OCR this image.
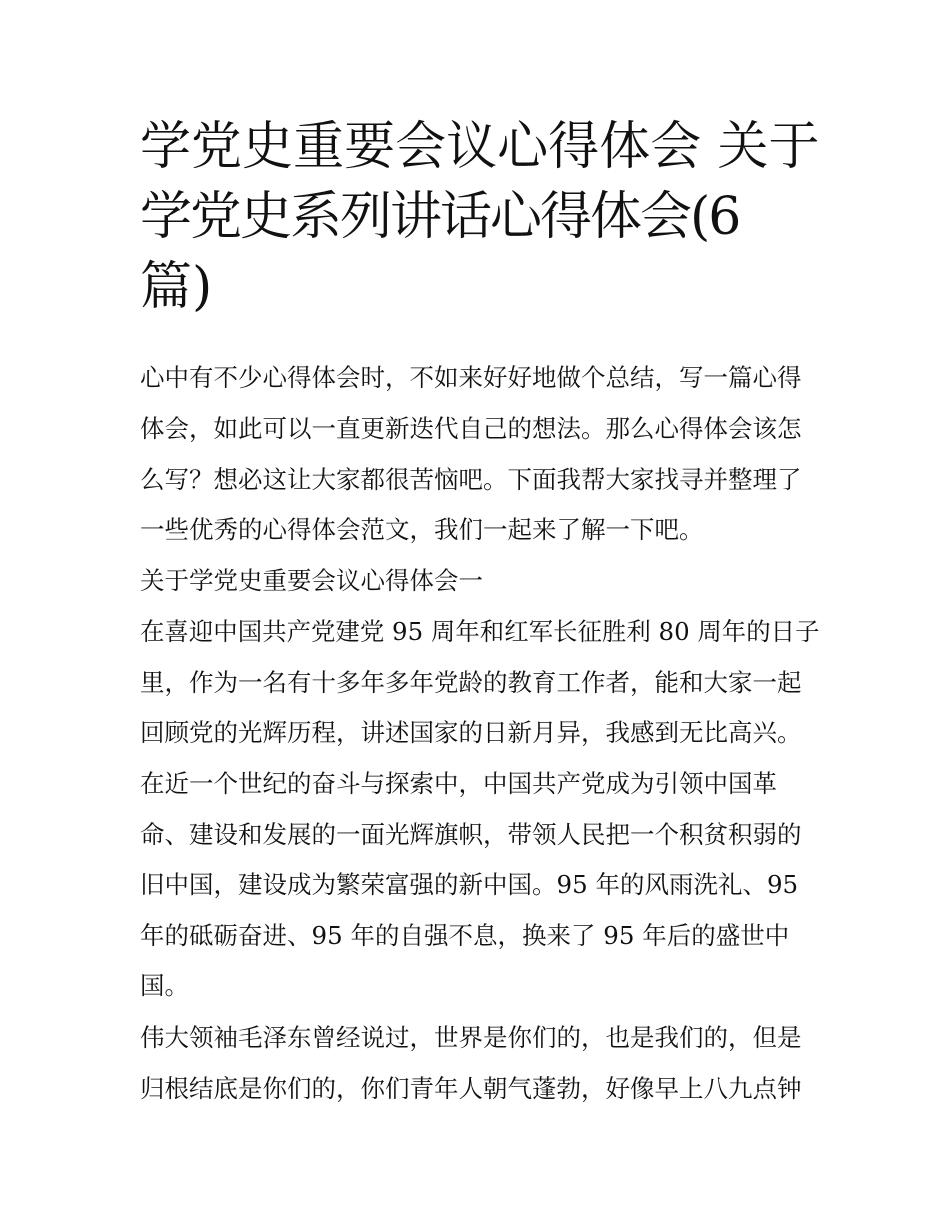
学党史重要会议心得体会 关于
学党史系列讲话心得体会(6
篇)
心中有不少心得体会时，不如来好好地做个总结，写一篇心得
体会，如此可以一直更新迭代自己的想法。那么心得体会该怎
么写？想必这让大家都很苦恼吧。下面我帮大家找寻并整理了
一些优秀的心得体会范文，我们一起来了解一下吧。
关于学党史重要会议心得体会一
在喜迎中国共产党建党 95 周年和红军长征胜利 80 周年的日子
里，作为一名有十多年多年党龄的教育工作者，能和大家一起
回顾党的光辉历程，讲述国家的日新月异，我感到无比高兴。
在近一个世纪的奋斗与探索中，中国共产党成为引领中国革
命、建设和发展的一面光辉旗帜，带领人民把一个积贫积弱的
旧中国，建设成为繁荣富强的新中国。95 年的风雨洗礼、95
年的砥砺奋进、95 年的自强不息，换来了 95 年后的盛世中
国。
伟大领袖毛泽东曾经说过，世界是你们的，也是我们的，但是
归根结底是你们的，你们青年人朝气蓬勃，好像早上八九点钟
